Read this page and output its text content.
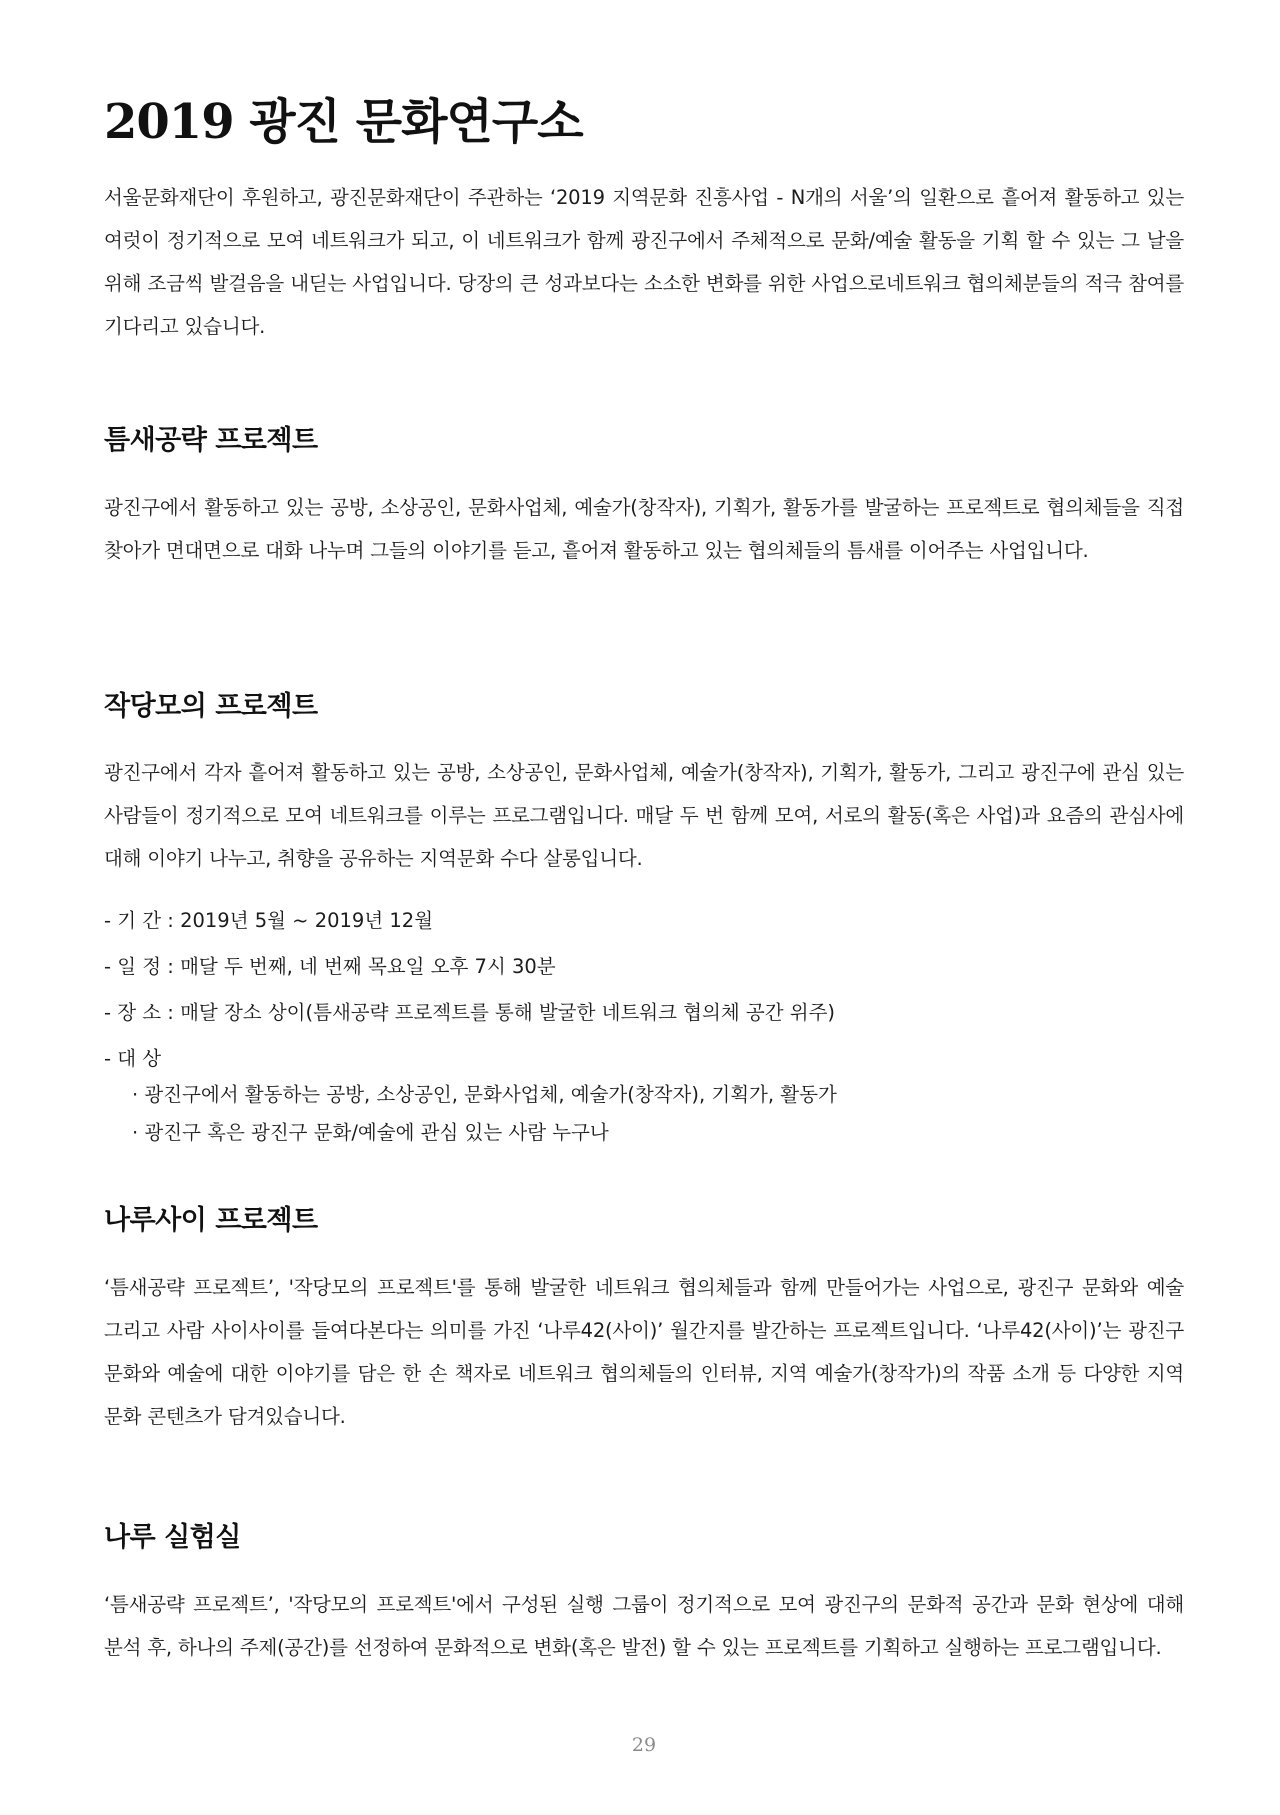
2019 광진 문화연구소

서울문화재단이 후원하고, 광진문화재단이 주관하는 ‘2019 지역문화 진흥사업 - N개의 서울’의 일환으로 흩어져 활동하고 있는 여럿이 정기적으로 모여 네트워크가 되고, 이 네트워크가 함께 광진구에서 주체적으로 문화/예술 활동을 기획 할 수 있는 그 날을 위해 조금씩 발걸음을 내딛는 사업입니다. 당장의 큰 성과보다는 소소한 변화를 위한 사업으로네트워크 협의체분들의 적극 참여를 기다리고 있습니다.

틈새공략 프로젝트

광진구에서 활동하고 있는 공방, 소상공인, 문화사업체, 예술가(창작자), 기획가, 활동가를 발굴하는 프로젝트로 협의체들을 직접 찾아가 면대면으로 대화 나누며 그들의 이야기를 듣고, 흩어져 활동하고 있는 협의체들의 틈새를 이어주는 사업입니다.

작당모의 프로젝트

광진구에서 각자 흩어져 활동하고 있는 공방, 소상공인, 문화사업체, 예술가(창작자), 기획가, 활동가, 그리고 광진구에 관심 있는 사람들이 정기적으로 모여 네트워크를 이루는 프로그램입니다. 매달 두 번 함께 모여, 서로의 활동(혹은 사업)과 요즘의 관심사에 대해 이야기 나누고, 취향을 공유하는 지역문화 수다 살롱입니다.

- 기 간 : 2019년 5월 ~ 2019년 12월
- 일 정 : 매달 두 번째, 네 번째 목요일 오후 7시 30분
- 장 소 : 매달 장소 상이(틈새공략 프로젝트를 통해 발굴한 네트워크 협의체 공간 위주)
- 대 상
· 광진구에서 활동하는 공방, 소상공인, 문화사업체, 예술가(창작자), 기획가, 활동가
· 광진구 혹은 광진구 문화/예술에 관심 있는 사람 누구나
나루사이 프로젝트

‘틈새공략 프로젝트’, '작당모의 프로젝트'를 통해 발굴한 네트워크 협의체들과 함께 만들어가는 사업으로, 광진구 문화와 예술 그리고 사람 사이사이를 들여다본다는 의미를 가진 ‘나루42(사이)’ 월간지를 발간하는 프로젝트입니다. ‘나루42(사이)’는 광진구 문화와 예술에 대한 이야기를 담은 한 손 책자로 네트워크 협의체들의 인터뷰, 지역 예술가(창작가)의 작품 소개 등 다양한 지역 문화 콘텐츠가 담겨있습니다.

나루 실험실

‘틈새공략 프로젝트’, '작당모의 프로젝트'에서 구성된 실행 그룹이 정기적으로 모여 광진구의 문화적 공간과 문화 현상에 대해 분석 후, 하나의 주제(공간)를 선정하여 문화적으로 변화(혹은 발전) 할 수 있는 프로젝트를 기획하고 실행하는 프로그램입니다.

29
